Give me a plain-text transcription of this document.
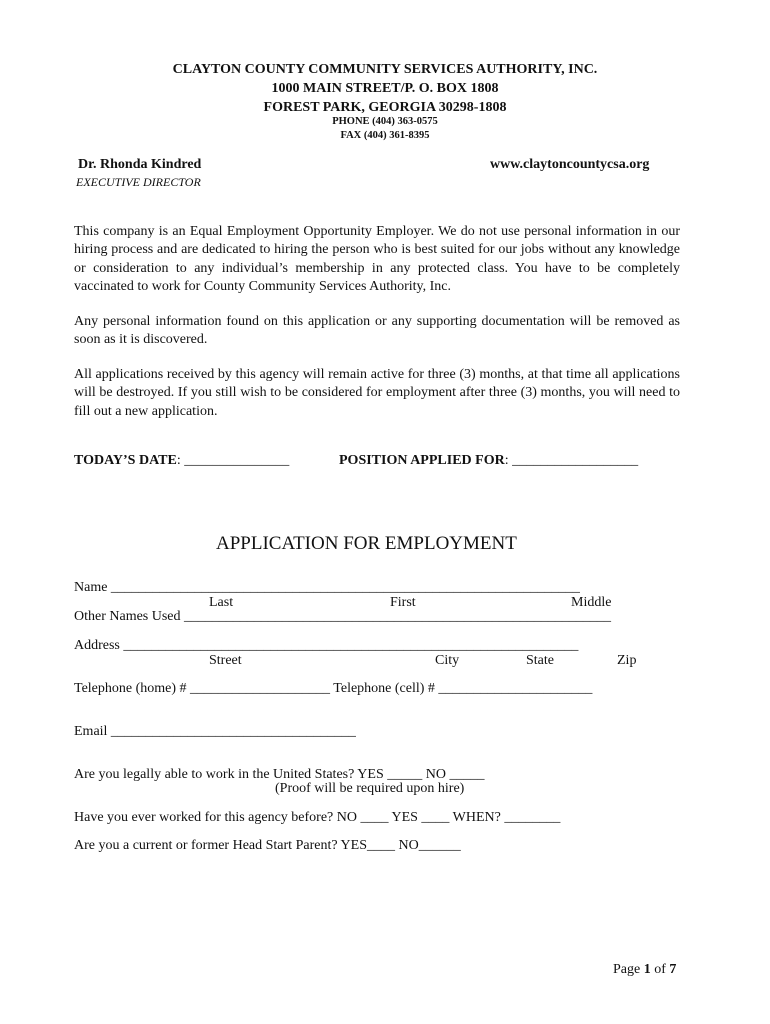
CLAYTON COUNTY COMMUNITY SERVICES AUTHORITY, INC.
1000 MAIN STREET/P. O. BOX 1808
FOREST PARK, GEORGIA 30298-1808
PHONE (404) 363-0575
FAX (404) 361-8395
Dr. Rhonda Kindred
EXECUTIVE DIRECTOR
www.claytoncountycsa.org
This company is an Equal Employment Opportunity Employer. We do not use personal information in our hiring process and are dedicated to hiring the person who is best suited for our jobs without any knowledge or consideration to any individual’s membership in any protected class. You have to be completely vaccinated to work for County Community Services Authority, Inc.
Any personal information found on this application or any supporting documentation will be removed as soon as it is discovered.
All applications received by this agency will remain active for three (3) months, at that time all applications will be destroyed. If you still wish to be considered for employment after three (3) months, you will need to fill out a new application.
TODAY’S DATE: _______________	POSITION APPLIED FOR: __________________
APPLICATION FOR EMPLOYMENT
Name ___________________________________________________________________
Last	First	Middle
Other Names Used _____________________________________________________________
Address _________________________________________________________________
Street	City	State	Zip
Telephone (home) # ____________________ Telephone (cell) # ______________________
Email ___________________________________
Are you legally able to work in the United States? YES _____ NO _____
(Proof will be required upon hire)
Have you ever worked for this agency before? NO ____ YES ____ WHEN? ________
Are you a current or former Head Start Parent? YES____ NO______
Page 1 of 7
